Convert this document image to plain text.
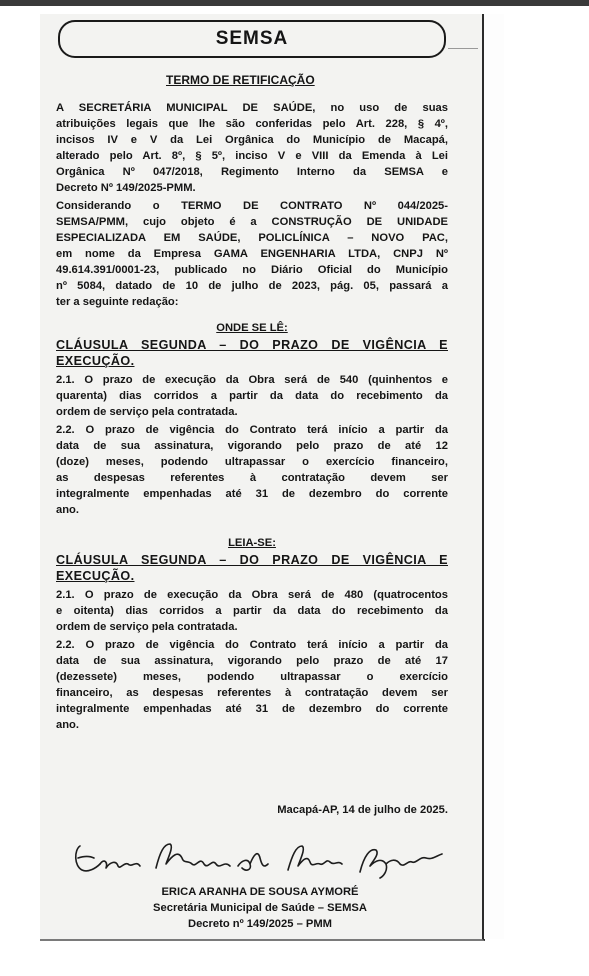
SEMSA
TERMO DE RETIFICAÇÃO
A SECRETÁRIA MUNICIPAL DE SAÚDE, no uso de suas
atribuições legais que lhe são conferidas pelo Art. 228, § 4º,
incisos IV e V da Lei Orgânica do Município de Macapá,
alterado pelo Art. 8º, § 5º, inciso V e VIII da Emenda à Lei
Orgânica Nº 047/2018, Regimento Interno da SEMSA e
Decreto Nº 149/2025-PMM.
Considerando o TERMO DE CONTRATO Nº 044/2025-
SEMSA/PMM, cujo objeto é a CONSTRUÇÃO DE UNIDADE
ESPECIALIZADA EM SAÚDE, POLICLÍNICA – NOVO PAC,
em nome da Empresa GAMA ENGENHARIA LTDA, CNPJ Nº
49.614.391/0001-23, publicado no Diário Oficial do Município
nº 5084, datado de 10 de julho de 2023, pág. 05, passará a
ter a seguinte redação:
ONDE SE LÊ:
CLÁUSULA SEGUNDA – DO PRAZO DE VIGÊNCIA E
EXECUÇÃO.
2.1. O prazo de execução da Obra será de 540 (quinhentos e
quarenta) dias corridos a partir da data do recebimento da
ordem de serviço pela contratada.
2.2. O prazo de vigência do Contrato terá início a partir da
data de sua assinatura, vigorando pelo prazo de até 12
(doze) meses, podendo ultrapassar o exercício financeiro,
as despesas referentes à contratação devem ser
integralmente empenhadas até 31 de dezembro do corrente
ano.
LEIA-SE:
CLÁUSULA SEGUNDA – DO PRAZO DE VIGÊNCIA E
EXECUÇÃO.
2.1. O prazo de execução da Obra será de 480 (quatrocentos
e oitenta) dias corridos a partir da data do recebimento da
ordem de serviço pela contratada.
2.2. O prazo de vigência do Contrato terá início a partir da
data de sua assinatura, vigorando pelo prazo de até 17
(dezessete) meses, podendo ultrapassar o exercício
financeiro, as despesas referentes à contratação devem ser
integralmente empenhadas até 31 de dezembro do corrente
ano.
Macapá-AP, 14 de julho de 2025.
ERICA ARANHA DE SOUSA AYMORÉ
Secretária Municipal de Saúde – SEMSA
Decreto nº 149/2025 – PMM
